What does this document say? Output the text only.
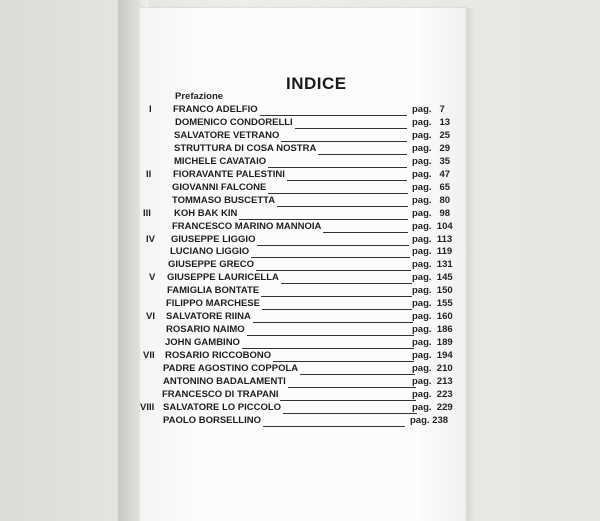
INDICE
Prefazione
I FRANCO ADELFIO	pag.   7
DOMENICO CONDORELLI	pag.   13
SALVATORE VETRANO	pag.   25
STRUTTURA DI COSA NOSTRA	pag.   29
MICHELE CAVATAIO	pag.   35
II FIORAVANTE PALESTINI	pag.   47
GIOVANNI FALCONE	pag.   65
TOMMASO BUSCETTA	pag.   80
III KOH BAK KIN	pag.   98
FRANCESCO MARINO MANNOIA	pag.  104
IV GIUSEPPE LIGGIO	pag.  113
LUCIANO LIGGIO	pag.  119
GIUSEPPE GRECO	pag.  131
V GIUSEPPE LAURICELLA	pag.  145
FAMIGLIA BONTATE	pag.  150
FILIPPO MARCHESE	pag.  155
VI SALVATORE RIINA	pag.  160
ROSARIO NAIMO	pag.  186
JOHN GAMBINO	pag.  189
VII ROSARIO RICCOBONO	pag.  194
PADRE AGOSTINO COPPOLA	pag.  210
ANTONINO BADALAMENTI	pag.  213
FRANCESCO DI TRAPANI	pag.  223
VIII SALVATORE LO PICCOLO	pag.  229
PAOLO BORSELLINO	pag. 238
